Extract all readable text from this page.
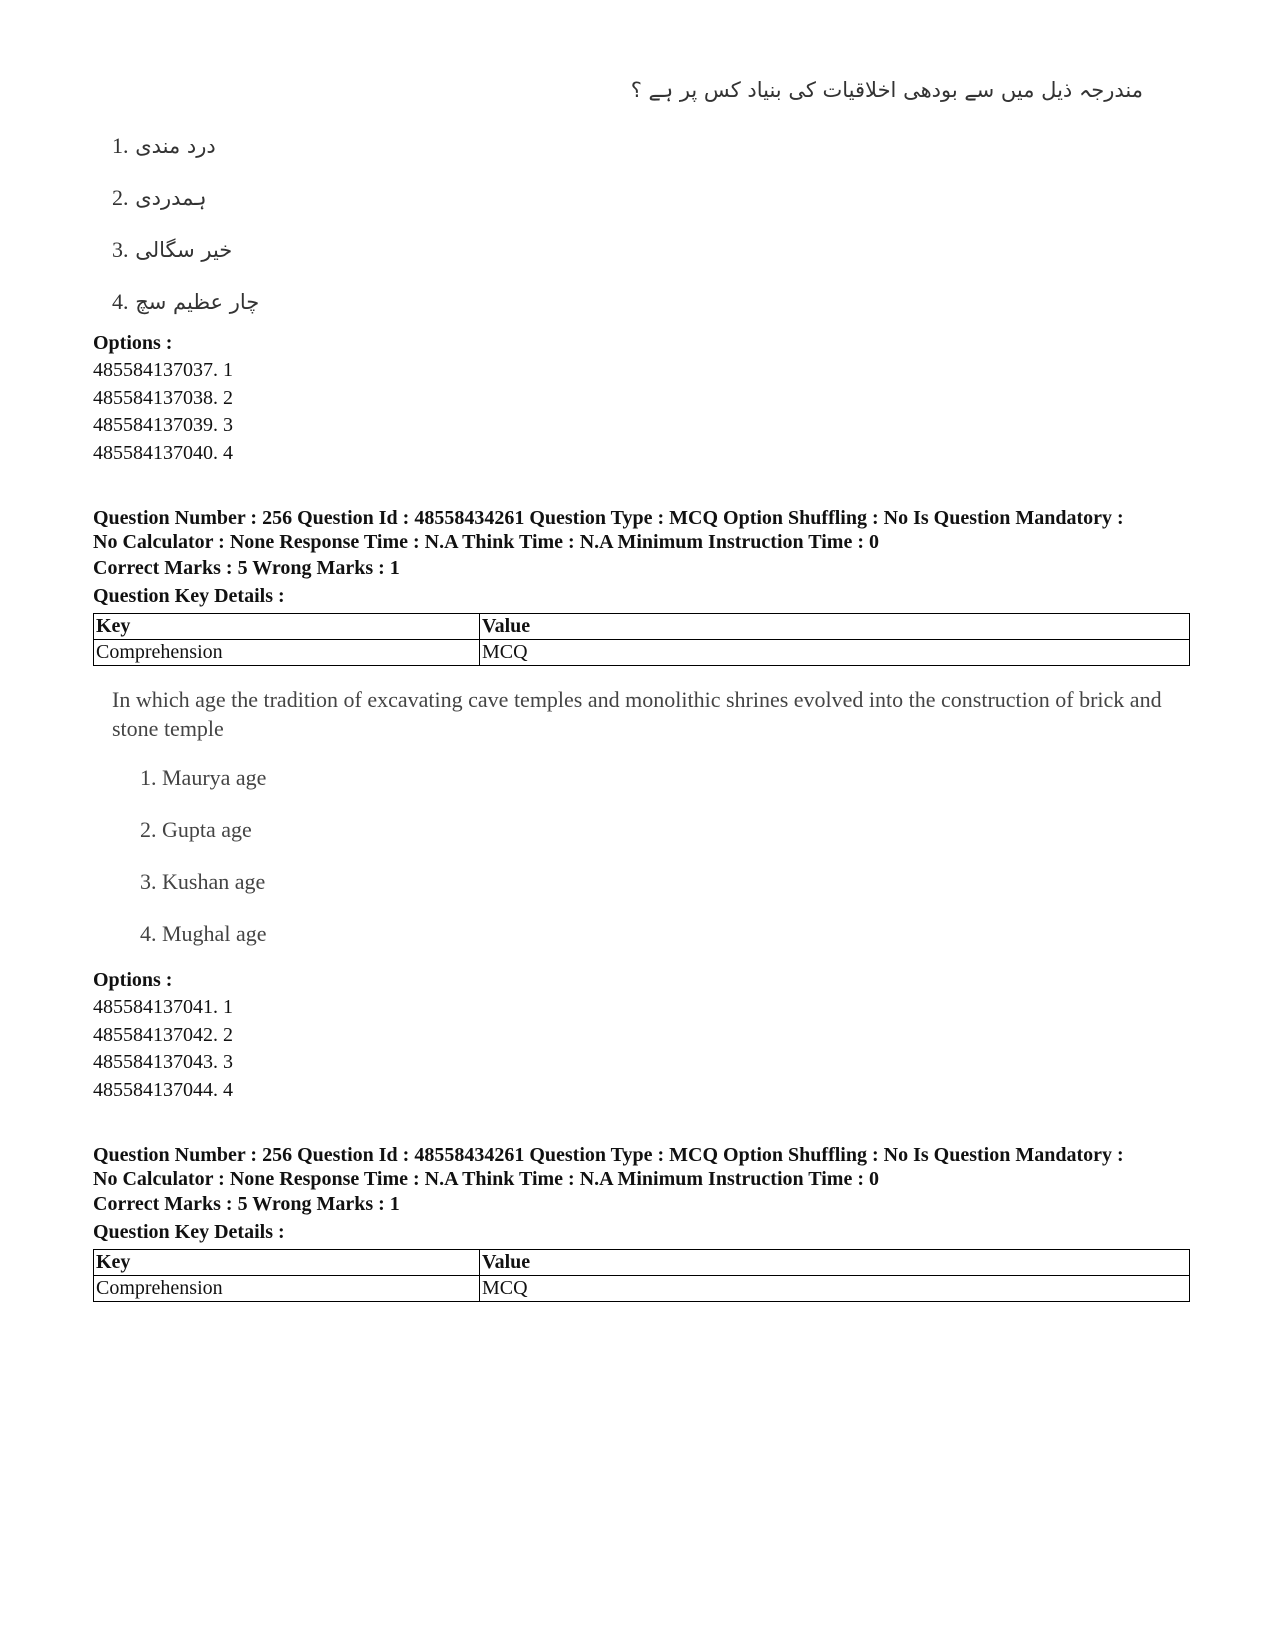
مندرجہ ذیل میں سے بودھی اخلاقیات کی بنیاد کس پر ہے ؟
1. درد مندی
2. ہمدردی
3. خیر سگالی
4. چار عظیم سچ
Options :
485584137037. 1
485584137038. 2
485584137039. 3
485584137040. 4
Question Number : 256 Question Id : 48558434261 Question Type : MCQ Option Shuffling : No Is Question Mandatory :
No Calculator : None Response Time : N.A Think Time : N.A Minimum Instruction Time : 0
Correct Marks : 5 Wrong Marks : 1
Question Key Details :
Key	Value
Comprehension	MCQ
In which age the tradition of excavating cave temples and monolithic shrines evolved into the construction of brick and stone temple
1. Maurya age
2. Gupta age
3. Kushan age
4. Mughal age
Options :
485584137041. 1
485584137042. 2
485584137043. 3
485584137044. 4
Question Number : 256 Question Id : 48558434261 Question Type : MCQ Option Shuffling : No Is Question Mandatory :
No Calculator : None Response Time : N.A Think Time : N.A Minimum Instruction Time : 0
Correct Marks : 5 Wrong Marks : 1
Question Key Details :
Key	Value
Comprehension	MCQ
